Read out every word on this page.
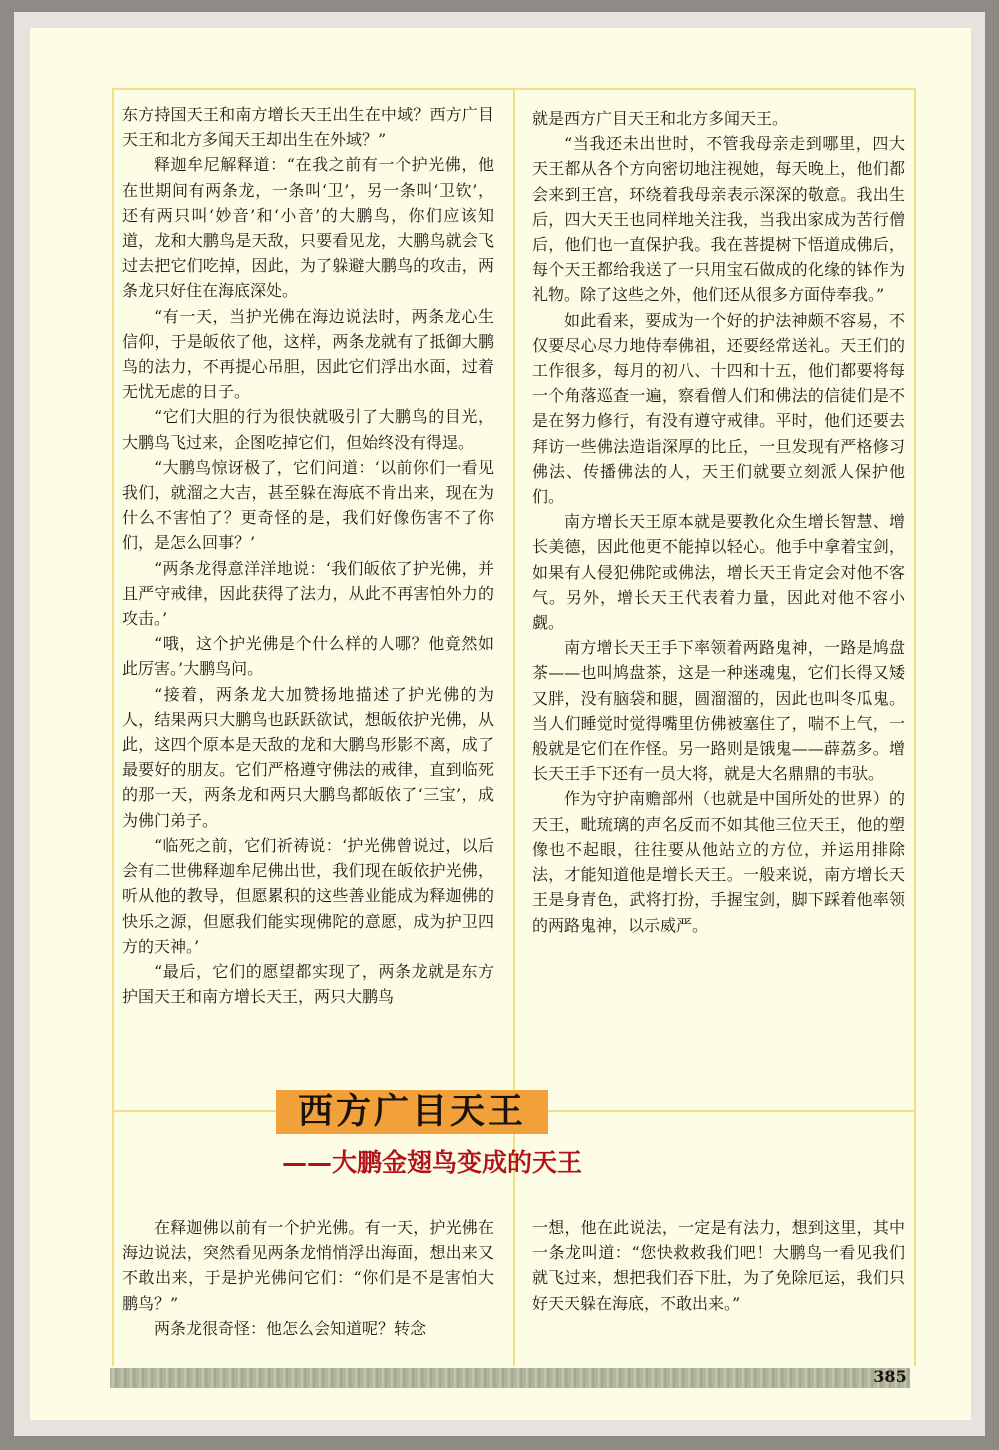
东方持国天王和南方增长天王出生在中域？西方广目天王和北方多闻天王却出生在外域？”

释迦牟尼解释道：“在我之前有一个护光佛，他在世期间有两条龙，一条叫‘卫’，另一条叫‘卫钦’，还有两只叫‘妙音’和‘小音’的大鹏鸟，你们应该知道，龙和大鹏鸟是天敌，只要看见龙，大鹏鸟就会飞过去把它们吃掉，因此，为了躲避大鹏鸟的攻击，两条龙只好住在海底深处。

“有一天，当护光佛在海边说法时，两条龙心生信仰，于是皈依了他，这样，两条龙就有了抵御大鹏鸟的法力，不再提心吊胆，因此它们浮出水面，过着无忧无虑的日子。

“它们大胆的行为很快就吸引了大鹏鸟的目光，大鹏鸟飞过来，企图吃掉它们，但始终没有得逞。

“大鹏鸟惊讶极了，它们问道：‘以前你们一看见我们，就溜之大吉，甚至躲在海底不肯出来，现在为什么不害怕了？更奇怪的是，我们好像伤害不了你们，是怎么回事？’

“两条龙得意洋洋地说：‘我们皈依了护光佛，并且严守戒律，因此获得了法力，从此不再害怕外力的攻击。’

“哦，这个护光佛是个什么样的人哪？他竟然如此厉害。’大鹏鸟问。

“接着，两条龙大加赞扬地描述了护光佛的为人，结果两只大鹏鸟也跃跃欲试，想皈依护光佛，从此，这四个原本是天敌的龙和大鹏鸟形影不离，成了最要好的朋友。它们严格遵守佛法的戒律，直到临死的那一天，两条龙和两只大鹏鸟都皈依了‘三宝’，成为佛门弟子。

“临死之前，它们祈祷说：‘护光佛曾说过，以后会有二世佛释迦牟尼佛出世，我们现在皈依护光佛，听从他的教导，但愿累积的这些善业能成为释迦佛的快乐之源，但愿我们能实现佛陀的意愿，成为护卫四方的天神。’

“最后，它们的愿望都实现了，两条龙就是东方护国天王和南方增长天王，两只大鹏鸟

就是西方广目天王和北方多闻天王。

“当我还未出世时，不管我母亲走到哪里，四大天王都从各个方向密切地注视她，每天晚上，他们都会来到王宫，环绕着我母亲表示深深的敬意。我出生后，四大天王也同样地关注我，当我出家成为苦行僧后，他们也一直保护我。我在菩提树下悟道成佛后，每个天王都给我送了一只用宝石做成的化缘的钵作为礼物。除了这些之外，他们还从很多方面侍奉我。”

如此看来，要成为一个好的护法神颇不容易，不仅要尽心尽力地侍奉佛祖，还要经常送礼。天王们的工作很多，每月的初八、十四和十五，他们都要将每一个角落巡查一遍，察看僧人们和佛法的信徒们是不是在努力修行，有没有遵守戒律。平时，他们还要去拜访一些佛法造诣深厚的比丘，一旦发现有严格修习佛法、传播佛法的人，天王们就要立刻派人保护他们。

南方增长天王原本就是要教化众生增长智慧、增长美德，因此他更不能掉以轻心。他手中拿着宝剑，如果有人侵犯佛陀或佛法，增长天王肯定会对他不客气。另外，增长天王代表着力量，因此对他不容小觑。

南方增长天王手下率领着两路鬼神，一路是鸠盘茶——也叫鸠盘茶，这是一种迷魂鬼，它们长得又矮又胖，没有脑袋和腿，圆溜溜的，因此也叫冬瓜鬼。当人们睡觉时觉得嘴里仿佛被塞住了，喘不上气，一般就是它们在作怪。另一路则是饿鬼——薜荔多。增长天王手下还有一员大将，就是大名鼎鼎的韦驮。

作为守护南赡部州（也就是中国所处的世界）的天王，毗琉璃的声名反而不如其他三位天王，他的塑像也不起眼，往往要从他站立的方位，并运用排除法，才能知道他是增长天王。一般来说，南方增长天王是身青色，武将打扮，手握宝剑，脚下踩着他率领的两路鬼神，以示威严。

西方广目天王
——大鹏金翅鸟变成的天王

在释迦佛以前有一个护光佛。有一天，护光佛在海边说法，突然看见两条龙悄悄浮出海面，想出来又不敢出来，于是护光佛问它们：“你们是不是害怕大鹏鸟？”

两条龙很奇怪：他怎么会知道呢？转念

一想，他在此说法，一定是有法力，想到这里，其中一条龙叫道：“您快救救我们吧！大鹏鸟一看见我们就飞过来，想把我们吞下肚，为了免除厄运，我们只好天天躲在海底，不敢出来。”

385
